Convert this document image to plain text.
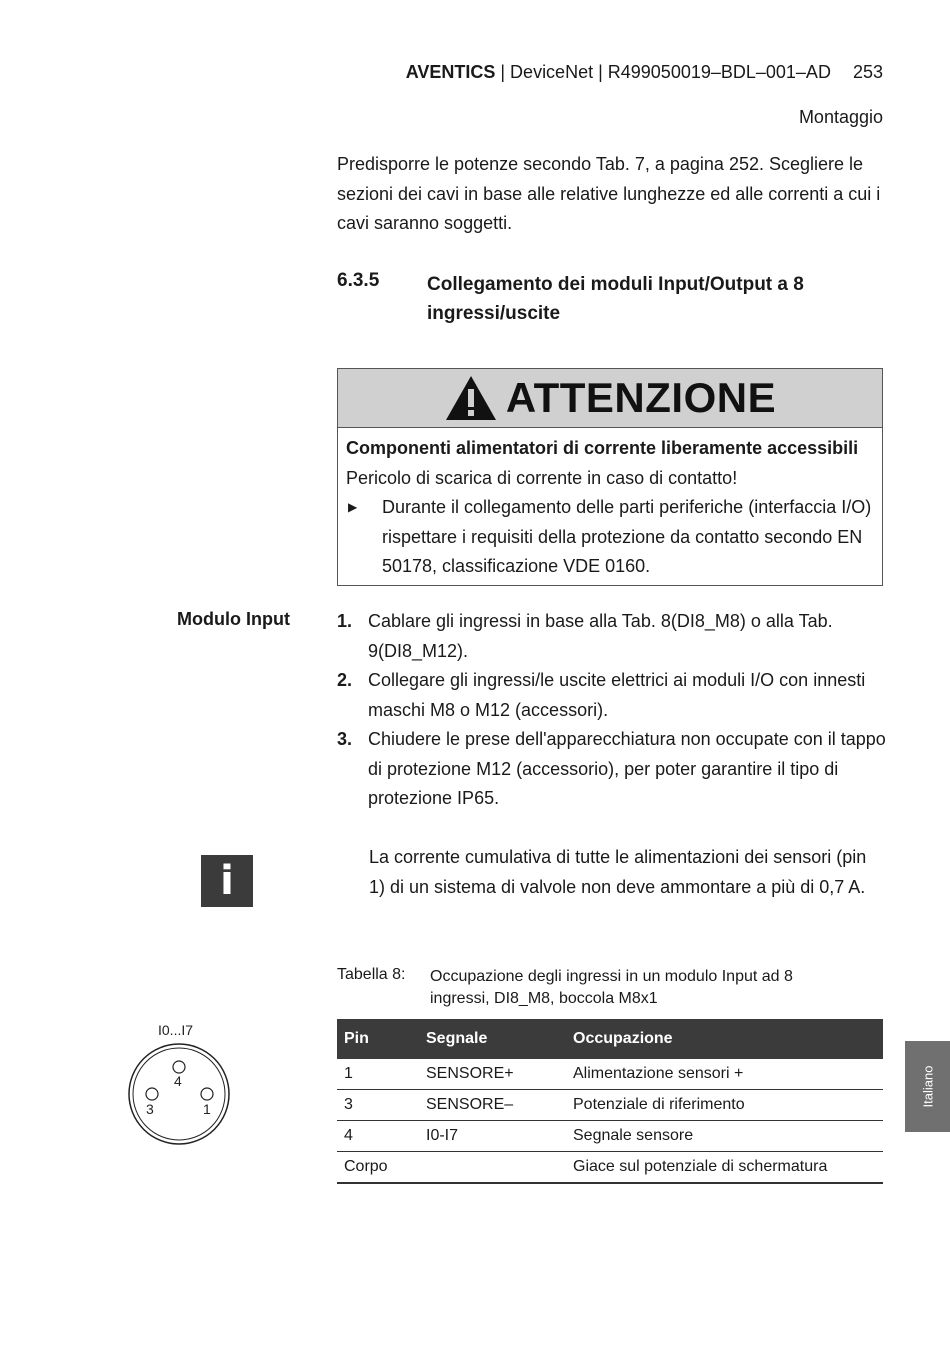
AVENTICS | DeviceNet | R499050019–BDL–001–AD 253
Montaggio
Predisporre le potenze secondo Tab. 7, a pagina 252. Scegliere le sezioni dei cavi in base alle relative lunghezze ed alle correnti a cui i cavi saranno soggetti.
6.3.5	Collegamento dei moduli Input/Output a 8 ingressi/uscite
ATTENZIONE
Componenti alimentatori di corrente liberamente accessibili
Pericolo di scarica di corrente in caso di contatto!
▶ Durante il collegamento delle parti periferiche (interfaccia I/O) rispettare i requisiti della protezione da contatto secondo EN 50178, classificazione VDE 0160.
Modulo Input	1. Cablare gli ingressi in base alla Tab. 8(DI8_M8) o alla Tab. 9(DI8_M12).
2. Collegare gli ingressi/le uscite elettrici ai moduli I/O con innesti maschi M8 o M12 (accessori).
3. Chiudere le prese dell'apparecchiatura non occupate con il tappo di protezione M12 (accessorio), per poter garantire il tipo di protezione IP65.
i
La corrente cumulativa di tutte le alimentazioni dei sensori (pin 1) di un sistema di valvole non deve ammontare a più di 0,7 A.
Tabella 8: Occupazione degli ingressi in un modulo Input ad 8 ingressi, DI8_M8, boccola M8x1
I0...I7
4
3	1
Pin	Segnale	Occupazione
1	SENSORE+	Alimentazione sensori +
3	SENSORE–	Potenziale di riferimento
4	I0-I7	Segnale sensore
Corpo		Giace sul potenziale di schermatura
Italiano
